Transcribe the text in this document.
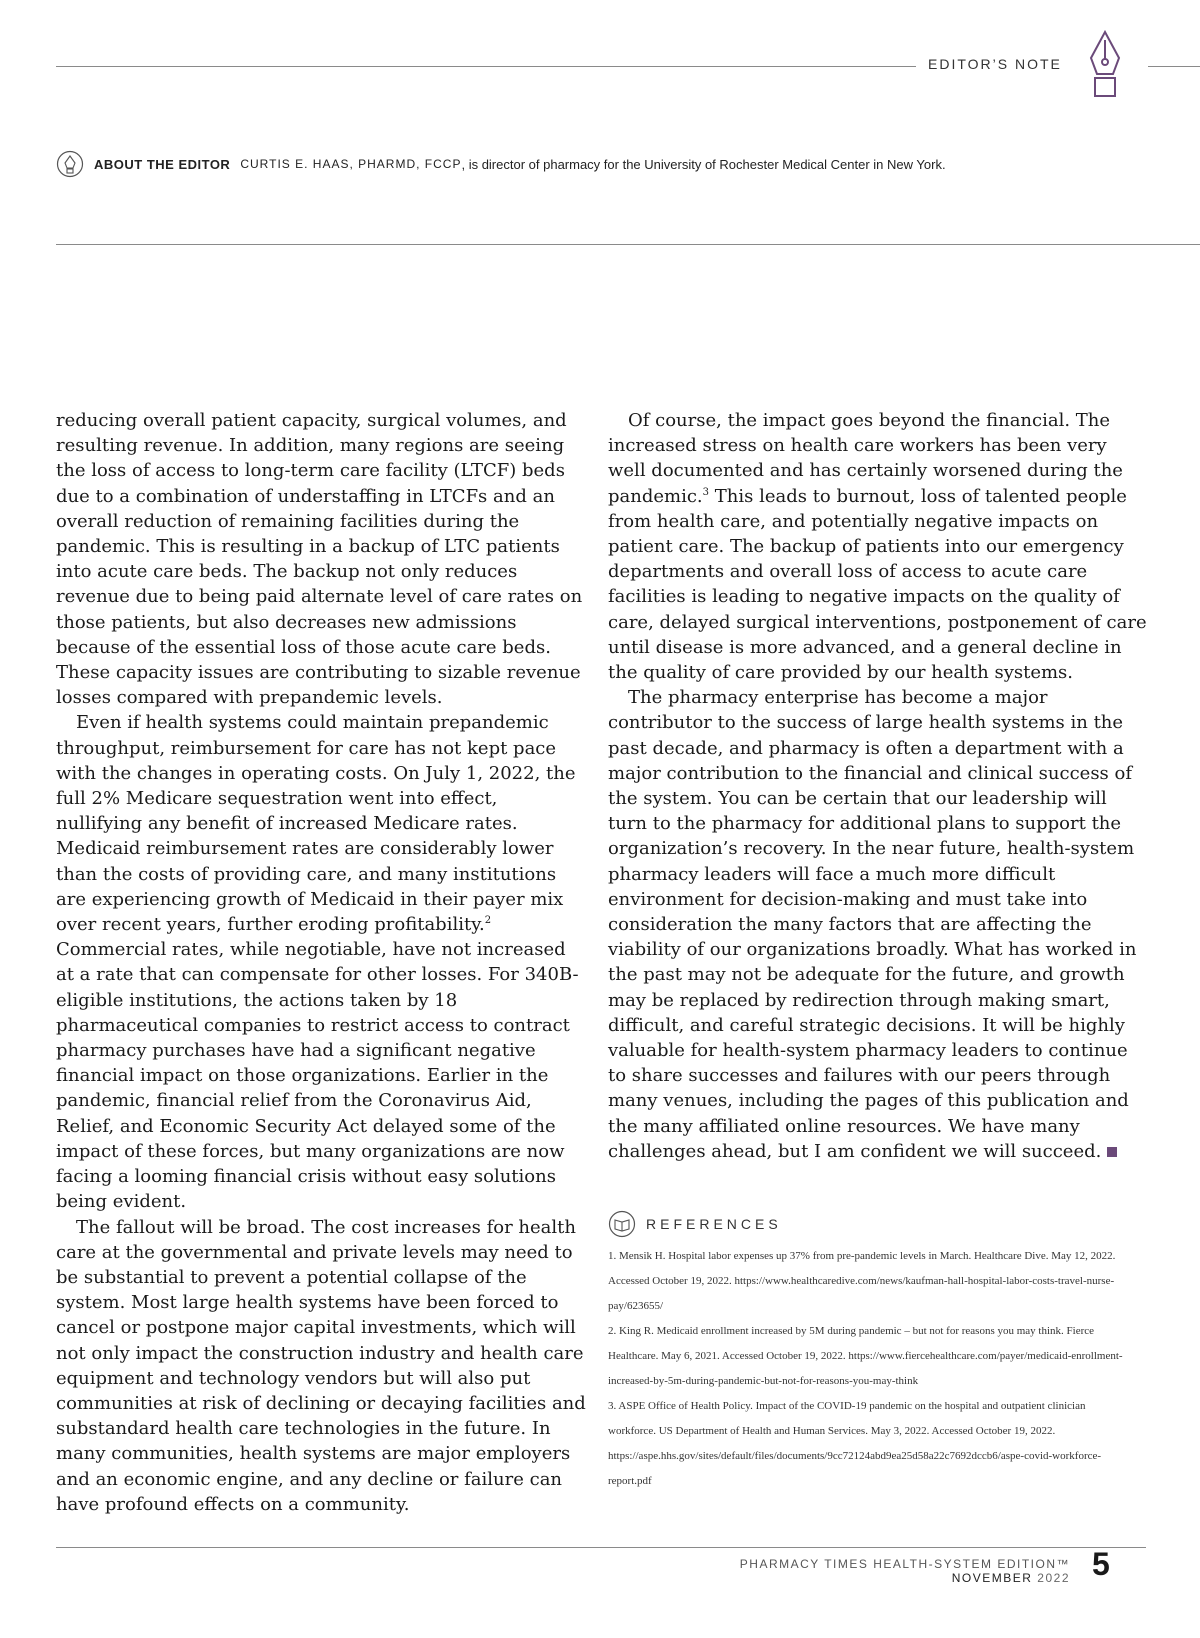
EDITOR’S NOTE
ABOUT THE EDITOR CURTIS E. HAAS, PHARMD, FCCP , is director of pharmacy for the University of Rochester Medical Center in New York.

reducing overall patient capacity, surgical volumes, and resulting revenue. In addition, many regions are seeing the loss of access to long-term care facility (LTCF) beds due to a combination of understaffing in LTCFs and an overall reduction of remaining facilities during the pandemic. This is resulting in a backup of LTC patients into acute care beds. The backup not only reduces revenue due to being paid alternate level of care rates on those patients, but also decreases new admissions because of the essential loss of those acute care beds. These capacity issues are contributing to sizable revenue losses compared with prepandemic levels.

Even if health systems could maintain prepandemic throughput, reimbursement for care has not kept pace with the changes in operating costs. On July 1, 2022, the full 2% Medicare sequestration went into effect, nullifying any benefit of increased Medicare rates. Medicaid reimbursement rates are considerably lower than the costs of providing care, and many institutions are experiencing growth of Medicaid in their payer mix over recent years, further eroding profitability.$^2$ Commercial rates, while negotiable, have not increased at a rate that can compensate for other losses. For 340B-eligible institutions, the actions taken by 18 pharmaceutical companies to restrict access to contract pharmacy purchases have had a significant negative financial impact on those organizations. Earlier in the pandemic, financial relief from the Coronavirus Aid, Relief, and Economic Security Act delayed some of the impact of these forces, but many organizations are now facing a looming financial crisis without easy solutions being evident.

The fallout will be broad. The cost increases for health care at the governmental and private levels may need to be substantial to prevent a potential collapse of the system. Most large health systems have been forced to cancel or postpone major capital investments, which will not only impact the construction industry and health care equipment and technology vendors but will also put communities at risk of declining or decaying facilities and substandard health care technologies in the future. In many communities, health systems are major employers and an economic engine, and any decline or failure can have profound effects on a community.

Of course, the impact goes beyond the financial. The increased stress on health care workers has been very well documented and has certainly worsened during the pandemic.$^3$ This leads to burnout, loss of talented people from health care, and potentially negative impacts on patient care. The backup of patients into our emergency departments and overall loss of access to acute care facilities is leading to negative impacts on the quality of care, delayed surgical interventions, postponement of care until disease is more advanced, and a general decline in the quality of care provided by our health systems.

The pharmacy enterprise has become a major contributor to the success of large health systems in the past decade, and pharmacy is often a department with a major contribution to the financial and clinical success of the system. You can be certain that our leadership will turn to the pharmacy for additional plans to support the organization’s recovery. In the near future, health-system pharmacy leaders will face a much more difficult environment for decision-making and must take into consideration the many factors that are affecting the viability of our organizations broadly. What has worked in the past may not be adequate for the future, and growth may be replaced by redirection through making smart, difficult, and careful strategic decisions. It will be highly valuable for health-system pharmacy leaders to continue to share successes and failures with our peers through many venues, including the pages of this publication and the many affiliated online resources. We have many challenges ahead, but I am confident we will succeed.

REFERENCES

1. Mensik H. Hospital labor expenses up 37% from pre-pandemic levels in March. Healthcare Dive. May 12, 2022. Accessed October 19, 2022. https://www.healthcaredive.com/news/kaufman-hall-hospital-labor-costs-travel-nurse-pay/623655/

2. King R. Medicaid enrollment increased by 5M during pandemic – but not for reasons you may think. Fierce Healthcare. May 6, 2021. Accessed October 19, 2022. https://www.fiercehealthcare.com/payer/medicaid-enrollment-increased-by-5m-during-pandemic-but-not-for-reasons-you-may-think

3. ASPE Office of Health Policy. Impact of the COVID-19 pandemic on the hospital and outpatient clinician workforce. US Department of Health and Human Services. May 3, 2022. Accessed October 19, 2022. https://aspe.hhs.gov/sites/default/files/documents/9cc72124abd9ea25d58a22c7692dccb6/aspe-covid-workforce-report.pdf

PHARMACY TIMES HEALTH-SYSTEM EDITION™
NOVEMBER 2022 5
